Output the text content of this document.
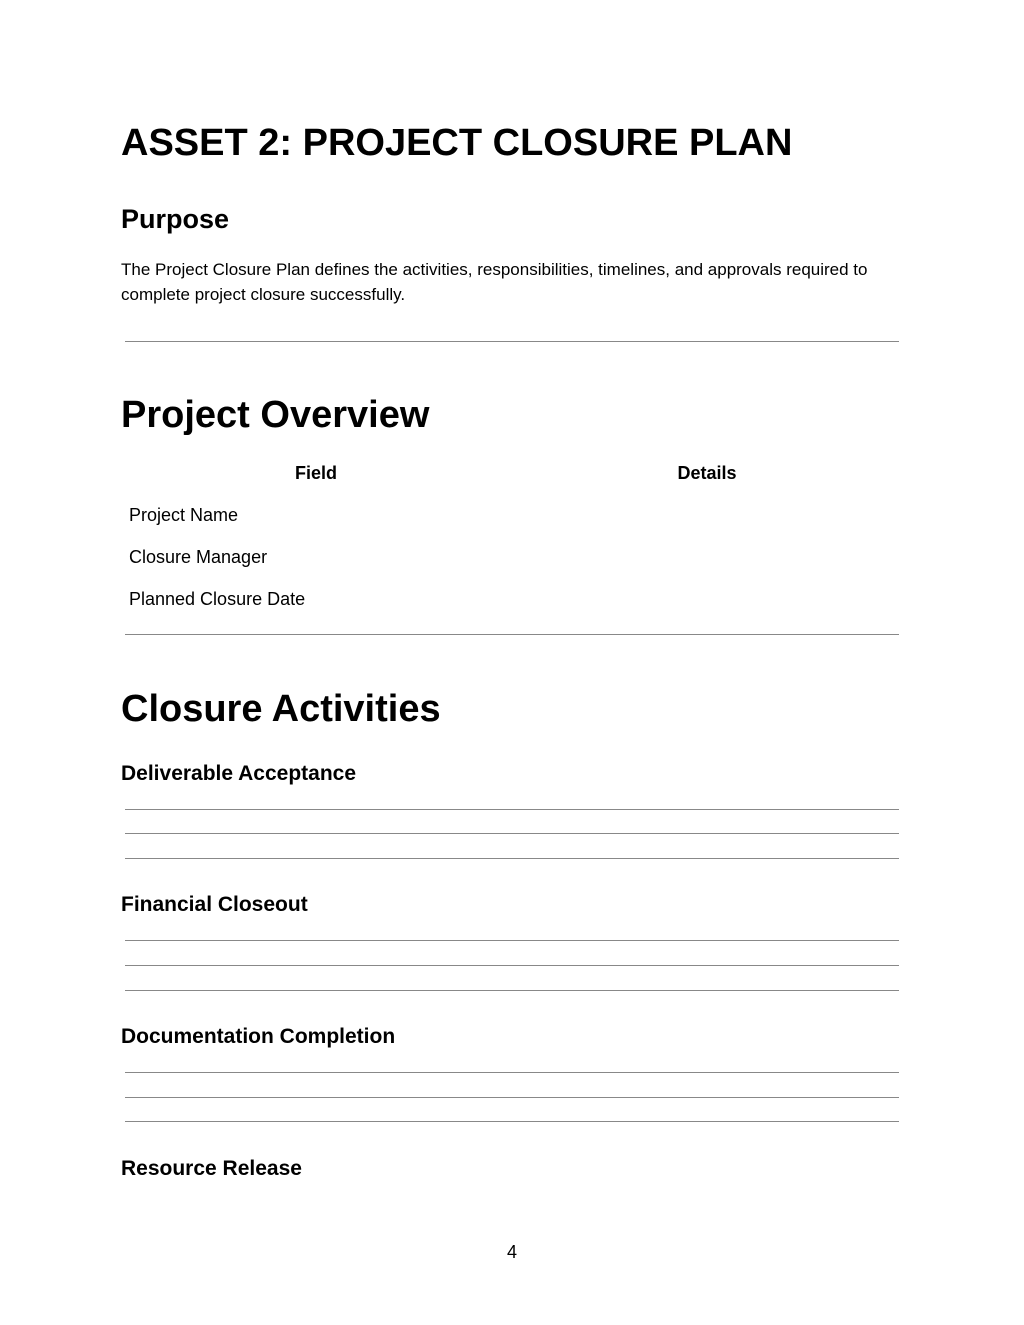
ASSET 2: PROJECT CLOSURE PLAN
Purpose

The Project Closure Plan defines the activities, responsibilities, timelines, and approvals required to complete project closure successfully.

Project Overview
Field	Details
Project Name
Closure Manager
Planned Closure Date
Closure Activities
Deliverable Acceptance
Financial Closeout
Documentation Completion
Resource Release
4
